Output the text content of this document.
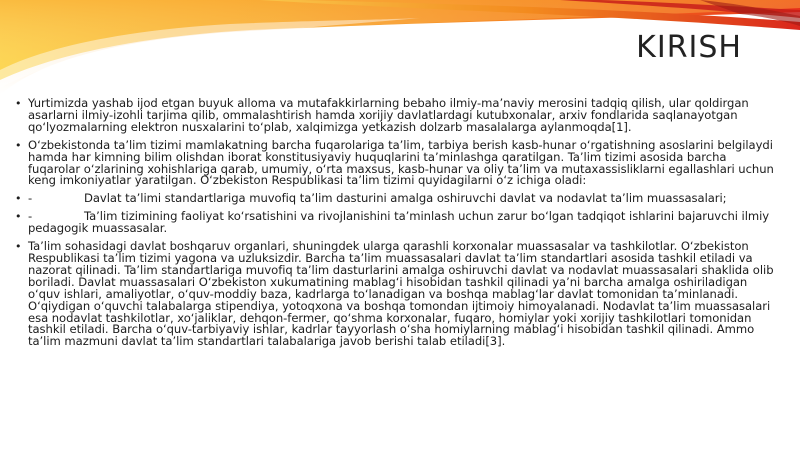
KIRISH
• Yurtimizda yashab ijod etgan buyuk alloma va mutafakkirlarning bebaho ilmiy-ma’naviy merosini tadqiq qilish, ular qoldirgan asarlarni ilmiy-izohli tarjima qilib, ommalashtirish hamda xorijiy davlatlardagi kutubxonalar, arxiv fondlarida saqlanayotgan qo‘lyozmalarning elektron nusxalarini to‘plab, xalqimizga yetkazish dolzarb masalalarga aylanmoqda[1].
• O‘zbekistonda ta’lim tizimi mamlakatning barcha fuqarolariga ta’lim, tarbiya berish kasb-hunar o‘rgatishning asoslarini belgilaydi hamda har kimning bilim olishdan iborat konstitusiyaviy huquqlarini ta’minlashga qaratilgan. Ta’lim tizimi asosida barcha fuqarolar o‘zlarining xohishlariga qarab, umumiy, o‘rta maxsus, kasb-hunar va oliy ta’lim va mutaxassisliklarni egallashlari uchun keng imkoniyatlar yaratilgan. O‘zbekiston Respublikasi ta’lim tizimi quyidagilarni o‘z ichiga oladi:
• -	Davlat ta’limi standartlariga muvofiq ta’lim dasturini amalga oshiruvchi davlat va nodavlat ta’lim muassasalari;
• -	Ta’lim tizimining faoliyat ko‘rsatishini va rivojlanishini ta’minlash uchun zarur bo‘lgan tadqiqot ishlarini bajaruvchi ilmiy pedagogik muassasalar.
• Ta’lim sohasidagi davlat boshqaruv organlari, shuningdek ularga qarashli korxonalar muassasalar va tashkilotlar. O‘zbekiston Respublikasi ta’lim tizimi yagona va uzluksizdir. Barcha ta’lim muassasalari davlat ta’lim standartlari asosida tashkil etiladi va nazorat qilinadi. Ta’lim standartlariga muvofiq ta’lim dasturlarini amalga oshiruvchi davlat va nodavlat muassasalari shaklida olib boriladi. Davlat muassasalari O‘zbekiston xukumatining mablag‘i hisobidan tashkil qilinadi ya’ni barcha amalga oshiriladigan o‘quv ishlari, amaliyotlar, o‘quv-moddiy baza, kadrlarga to‘lanadigan va boshqa mablag‘lar davlat tomonidan ta’minlanadi. O‘qiydigan o‘quvchi talabalarga stipendiya, yotoqxona va boshqa tomondan ijtimoiy himoyalanadi. Nodavlat ta’lim muassasalari esa nodavlat tashkilotlar, xo‘jaliklar, dehqon-fermer, qo‘shma korxonalar, fuqaro, homiylar yoki xorijiy tashkilotlari tomonidan tashkil etiladi. Barcha o‘quv-tarbiyaviy ishlar, kadrlar tayyorlash o‘sha homiylarning mablag‘i hisobidan tashkil qilinadi. Ammo ta’lim mazmuni davlat ta’lim standartlari talabalariga javob berishi talab etiladi[3].
